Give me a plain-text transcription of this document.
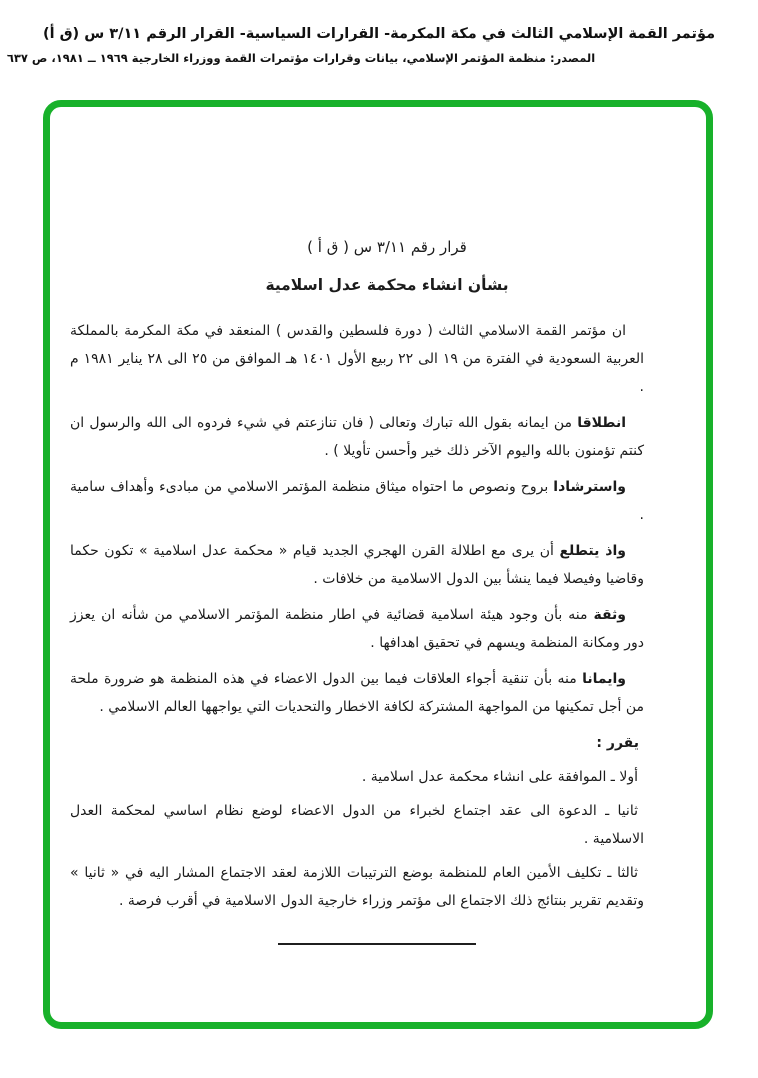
مؤتمر القمة الإسلامي الثالث في مكة المكرمة- القرارات السياسية- القرار الرقم ٣/١١ س (ق أ)
المصدر: منظمة المؤتمر الإسلامي، بيانات وقرارات مؤتمرات القمة ووزراء الخارجية ١٩٦٩ ــ ١٩٨١، ص ٦٣٧
قرار رقم ٣/١١ س ( ق أ )
بشأن انشاء محكمة عدل اسلامية

ان مؤتمر القمة الاسلامي الثالث ( دورة فلسطين والقدس ) المنعقد في مكة المكرمة بالمملكة العربية السعودية في الفترة من ١٩ الى ٢٢ ربيع الأول ١٤٠١ هـ الموافق من ٢٥ الى ٢٨ يناير ١٩٨١ م .

انطلاقا من ايمانه بقول الله تبارك وتعالى ( فان تنازعتم في شيء فردوه الى الله والرسول ان كنتم تؤمنون بالله واليوم الآخر ذلك خير وأحسن تأويلا ) .

واسترشادا بروح ونصوص ما احتواه ميثاق منظمة المؤتمر الاسلامي من مبادىء وأهداف سامية .

واذ يتطلع أن يرى مع اطلالة القرن الهجري الجديد قيام « محكمة عدل اسلامية » تكون حكما وقاضيا وفيصلا فيما ينشأ بين الدول الاسلامية من خلافات .

وثقة منه بأن وجود هيئة اسلامية قضائية في اطار منظمة المؤتمر الاسلامي من شأنه ان يعزز دور ومكانة المنظمة ويسهم في تحقيق اهدافها .

وايمانا منه بأن تنقية أجواء العلاقات فيما بين الدول الاعضاء في هذه المنظمة هو ضرورة ملحة من أجل تمكينها من المواجهة المشتركة لكافة الاخطار والتحديات التي يواجهها العالم الاسلامي .

يقرر :

أولا ـ الموافقة على انشاء محكمة عدل اسلامية .

ثانيا ـ الدعوة الى عقد اجتماع لخبراء من الدول الاعضاء لوضع نظام اساسي لمحكمة العدل الاسلامية .

ثالثا ـ تكليف الأمين العام للمنظمة بوضع الترتيبات اللازمة لعقد الاجتماع المشار اليه في « ثانيا » وتقديم تقرير بنتائج ذلك الاجتماع الى مؤتمر وزراء خارجية الدول الاسلامية في أقرب فرصة .
